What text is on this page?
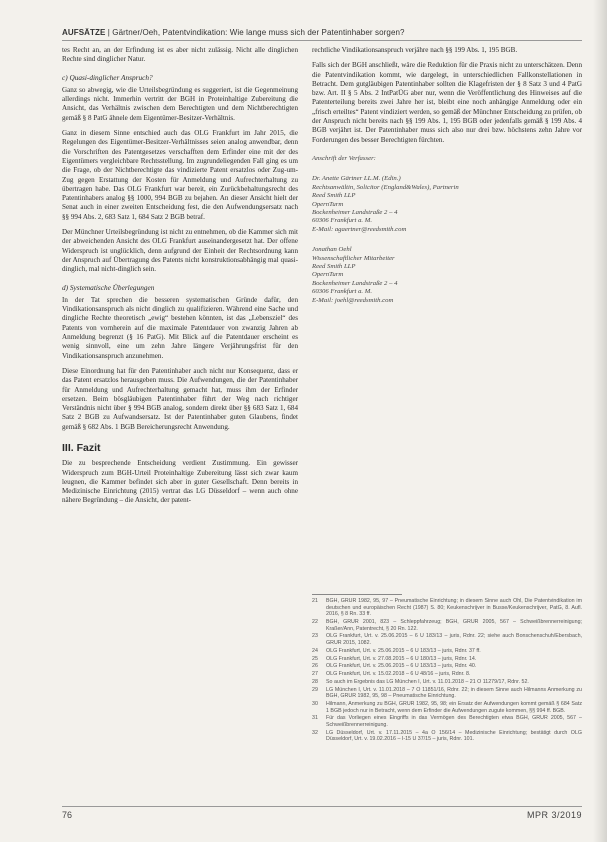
AUFSÄTZE | Gärtner/Oeh, Patentvindikation: Wie lange muss sich der Patentinhaber sorgen?

tes Recht an, an der Erfindung ist es aber nicht zulässig. Nicht alle dinglichen Rechte sind dinglicher Natur.

c) Quasi-dinglicher Anspruch?

Ganz so abwegig, wie die Urteilsbegründung es suggeriert, ist die Gegenmeinung allerdings nicht. Immerhin vertritt der BGH in Proteinhaltige Zubereitung die Ansicht, das Verhältnis zwischen dem Berechtigten und dem Nichtberechtigten gemäß § 8 PatG ähnele dem Eigentümer-Besitzer-Verhältnis.

Ganz in diesem Sinne entschied auch das OLG Frankfurt im Jahr 2015, die Regelungen des Eigentümer-Besitzer-Verhältnisses seien analog anwendbar, denn die Vorschriften des Patentgesetzes verschafften dem Erfinder eine mit der des Eigentümers vergleichbare Rechtsstellung. Im zugrundeliegenden Fall ging es um die Frage, ob der Nichtberechtigte das vindizierte Patent ersatzlos oder Zug-um-Zug gegen Erstattung der Kosten für Anmeldung und Aufrechterhaltung zu übertragen habe. Das OLG Frankfurt war bereit, ein Zurückbehaltungsrecht des Patentinhabers analog §§ 1000, 994 BGB zu bejahen. An dieser Ansicht hielt der Senat auch in einer zweiten Entscheidung fest, die den Aufwendungsersatz nach §§ 994 Abs. 2, 683 Satz 1, 684 Satz 2 BGB betraf.

Der Münchner Urteilsbegründung ist nicht zu entnehmen, ob die Kammer sich mit der abweichenden Ansicht des OLG Frankfurt auseinandergesetzt hat. Der offene Widerspruch ist unglücklich, denn aufgrund der Einheit der Rechtsordnung kann der Anspruch auf Übertragung des Patents nicht konstruktionsabhängig mal quasi-dinglich, mal nicht-dinglich sein.

d) Systematische Überlegungen

In der Tat sprechen die besseren systematischen Gründe dafür, den Vindikationsanspruch als nicht dinglich zu qualifizieren. Während eine Sache und dingliche Rechte theoretisch „ewig“ bestehen könnten, ist das „Lebensziel“ des Patents von vornherein auf die maximale Patentdauer von zwanzig Jahren ab Anmeldung begrenzt (§ 16 PatG). Mit Blick auf die Patentdauer erscheint es wenig sinnvoll, eine um zehn Jahre längere Verjährungsfrist für den Vindikationsanspruch anzunehmen.

Diese Einordnung hat für den Patentinhaber auch nicht nur Konsequenz, dass er das Patent ersatzlos herausgeben muss. Die Aufwendungen, die der Patentinhaber für Anmeldung und Aufrechterhaltung gemacht hat, muss ihm der Erfinder ersetzen. Beim bösgläubigen Patentinhaber führt der Weg nach richtiger Verständnis nicht über § 994 BGB analog, sondern direkt über §§ 683 Satz 1, 684 Satz 2 BGB zu Aufwandsersatz. Ist der Patentinhaber guten Glaubens, findet gemäß § 682 Abs. 1 BGB Bereicherungsrecht Anwendung.

III. Fazit

Die zu besprechende Entscheidung verdient Zustimmung. Ein gewisser Widerspruch zum BGH-Urteil Proteinhaltige Zubereitung lässt sich zwar kaum leugnen, die Kammer befindet sich aber in guter Gesellschaft. Denn bereits in Medizinische Einrichtung (2015) vertrat das LG Düsseldorf – wenn auch ohne nähere Begründung – die Ansicht, der patent-

rechtliche Vindikationsanspruch verjähre nach §§ 199 Abs. 1, 195 BGB.

Falls sich der BGH anschließt, wäre die Reduktion für die Praxis nicht zu unterschätzen. Denn die Patentvindikation kommt, wie dargelegt, in unterschiedlichen Fallkonstellationen in Betracht. Dem gutgläubigen Patentinhaber sollten die Klagefristen der § 8 Satz 3 und 4 PatG bzw. Art. II § 5 Abs. 2 IntPatÜG aber nur, wenn die Veröffentlichung des Hinweises auf die Patenterteilung bereits zwei Jahre her ist, bleibt eine noch anhängige Anmeldung oder ein „frisch erteiltes“ Patent vindiziert werden, so gemäß der Münchner Entscheidung zu prüfen, ob der Anspruch nicht bereits nach §§ 199 Abs. 1, 195 BGB oder jedenfalls gemäß § 199 Abs. 4 BGB verjährt ist. Der Patentinhaber muss sich also nur drei bzw. höchstens zehn Jahre vor Forderungen des besser Berechtigten fürchten.

Anschrift der Verfasser:
Dr. Anette Gärtner LL.M. (Edin.)
Rechtsanwältin, Solicitor (England&Wales), Partnerin
Reed Smith LLP
OpernTurm
Bockenheimer Landstraße 2 – 4
60306 Frankfurt a. M.
E-Mail: agaertner@reedsmith.com
Jonathan Oehl
Wissenschaftlicher Mitarbeiter
Reed Smith LLP
OpernTurm
Bockenheimer Landstraße 2 – 4
60306 Frankfurt a. M.
E-Mail: joehl@reedsmith.com
21	BGH, GRUR 1982, 95, 97 – Pneumatische Einrichtung; in diesem Sinne auch Ohl, Die Patentvindikation im deutschen und europäischen Recht (1987) S. 80; Keukenschrijver in Busse/Keukenschrijver, PatG, 8. Aufl. 2016, § 8 Rn. 33 ff.
22	BGH, GRUR 2001, 823 – Schleppfahrzeug; BGH, GRUR 2005, 567 – Schweißbrennerreinigung; Kraßer/Ann, Patentrecht, § 20 Rn. 122.
23	OLG Frankfurt, Urt. v. 25.06.2015 – 6 U 183/13 – juris, Rdnr. 22; siehe auch Bonschenschuh/Ebersbach, GRUR 2015, 1082.
24	OLG Frankfurt, Urt. v. 25.06.2015 – 6 U 183/13 – juris, Rdnr. 37 ff.
25	OLG Frankfurt, Urt. v. 27.08.2015 – 6 U 180/13 – juris, Rdnr. 14.
26	OLG Frankfurt, Urt. v. 25.06.2015 – 6 U 183/13 – juris, Rdnr. 40.
27	OLG Frankfurt, Urt. v. 15.02.2018 – 6 U 48/16 – juris, Rdnr. 8.
28	So auch im Ergebnis das LG München I, Urt. v. 11.01.2018 – 21 O 11279/17, Rdnr. 52.
29	LG München I, Urt. v. 11.01.2018 – 7 O 11851/16, Rdnr. 22; in diesem Sinne auch Hilmanns Anmerkung zu BGH, GRUR 1982, 95, 98 – Pneumatische Einrichtung.
30	Hilmann, Anmerkung zu BGH, GRUR 1982, 95, 98; ein Ersatz der Aufwendungen kommt gemäß § 684 Satz 1 BGB jedoch nur in Betracht, wenn dem Erfinder die Aufwendungen zugute kommen, §§ 994 ff. BGB.
31	Für das Vorliegen eines Eingriffs in das Vermögen des Berechtigten etwa BGH, GRUR 2005, 567 – Schweißbrennerreinigung.
32	LG Düsseldorf, Urt. v. 17.11.2015 – 4a O 156/14 – Medizinische Einrichtung; bestätigt durch OLG Düsseldorf, Urt. v. 19.02.2016 – I-15 U 37/15 – juris, Rdnr. 101.
76	MPR 3/2019
